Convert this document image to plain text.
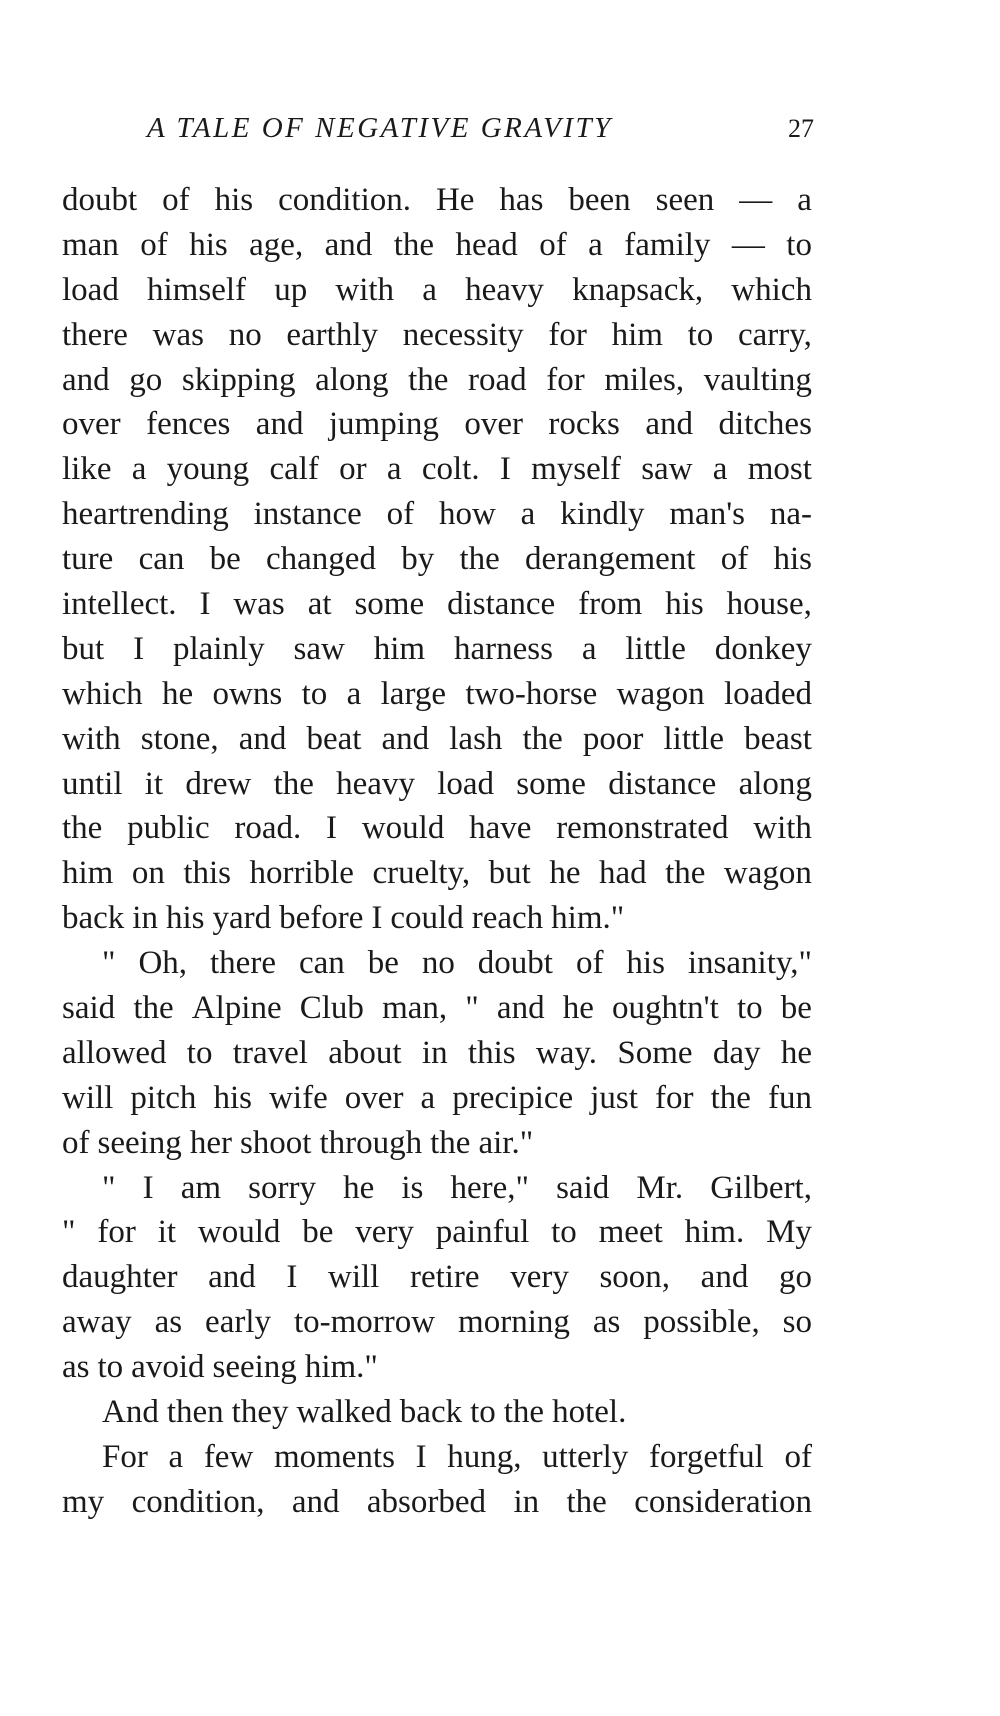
A TALE OF NEGATIVE GRAVITY	27
doubt of his condition. He has been seen — a
man of his age, and the head of a family — to
load himself up with a heavy knapsack, which
there was no earthly necessity for him to carry,
and go skipping along the road for miles, vaulting
over fences and jumping over rocks and ditches
like a young calf or a colt. I myself saw a most
heartrending instance of how a kindly man's na-
ture can be changed by the derangement of his
intellect. I was at some distance from his house,
but I plainly saw him harness a little donkey
which he owns to a large two-horse wagon loaded
with stone, and beat and lash the poor little beast
until it drew the heavy load some distance along
the public road. I would have remonstrated with
him on this horrible cruelty, but he had the wagon
back in his yard before I could reach him."
" Oh, there can be no doubt of his insanity,"
said the Alpine Club man, " and he oughtn't to be
allowed to travel about in this way. Some day he
will pitch his wife over a precipice just for the fun
of seeing her shoot through the air."
" I am sorry he is here," said Mr. Gilbert,
" for it would be very painful to meet him. My
daughter and I will retire very soon, and go
away as early to-morrow morning as possible, so
as to avoid seeing him."
And then they walked back to the hotel.
For a few moments I hung, utterly forgetful of
my condition, and absorbed in the consideration
